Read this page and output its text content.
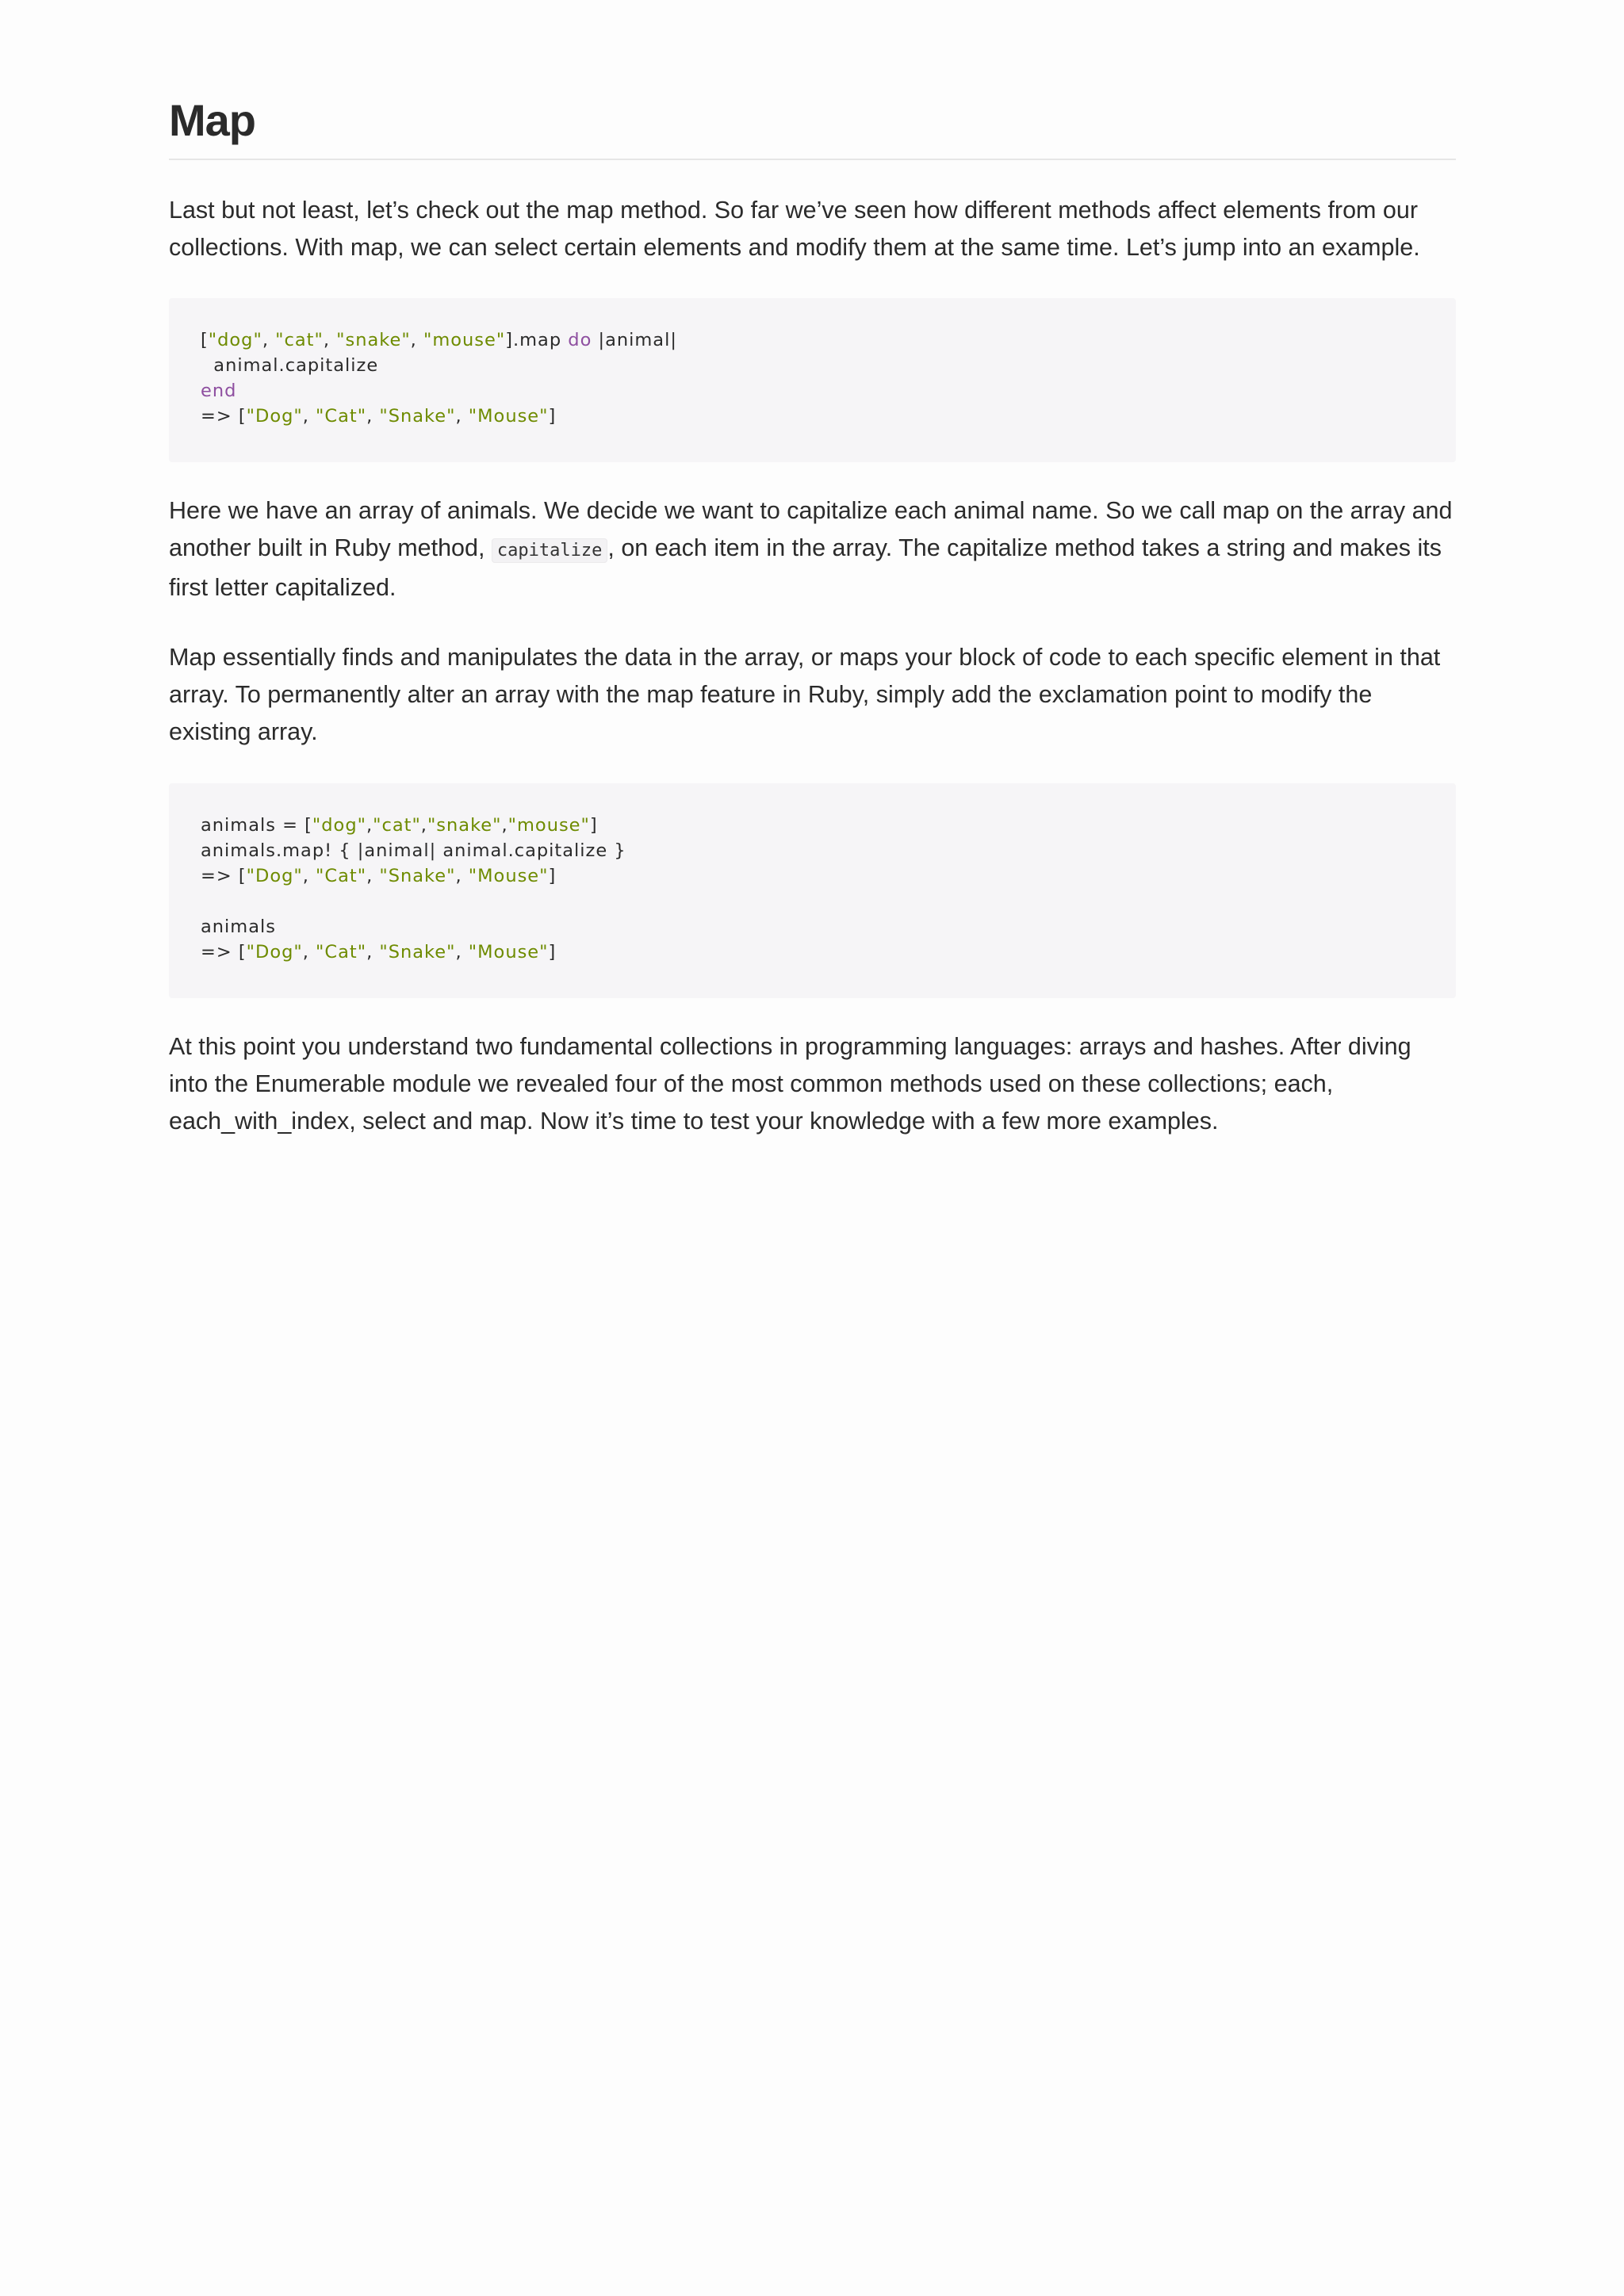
Map

Last but not least, let’s check out the map method. So far we’ve seen how different methods affect elements from our collections. With map, we can select certain elements and modify them at the same time. Let’s jump into an example.

["dog", "cat", "snake", "mouse"].map do |animal|
animal.capitalize
end
=> ["Dog", "Cat", "Snake", "Mouse"]

Here we have an array of animals. We decide we want to capitalize each animal name. So we call map on the array and another built in Ruby method, capitalize , on each item in the array. The capitalize method takes a string and makes its first letter capitalized.

Map essentially finds and manipulates the data in the array, or maps your block of code to each specific element in that array. To permanently alter an array with the map feature in Ruby, simply add the exclamation point to modify the existing array.

animals = ["dog","cat","snake","mouse"]
animals.map! { |animal| animal.capitalize }
=> ["Dog", "Cat", "Snake", "Mouse"]
animals
=> ["Dog", "Cat", "Snake", "Mouse"]

At this point you understand two fundamental collections in programming languages: arrays and hashes. After diving into the Enumerable module we revealed four of the most common methods used on these collections; each, each_with_index, select and map. Now it’s time to test your knowledge with a few more examples.
